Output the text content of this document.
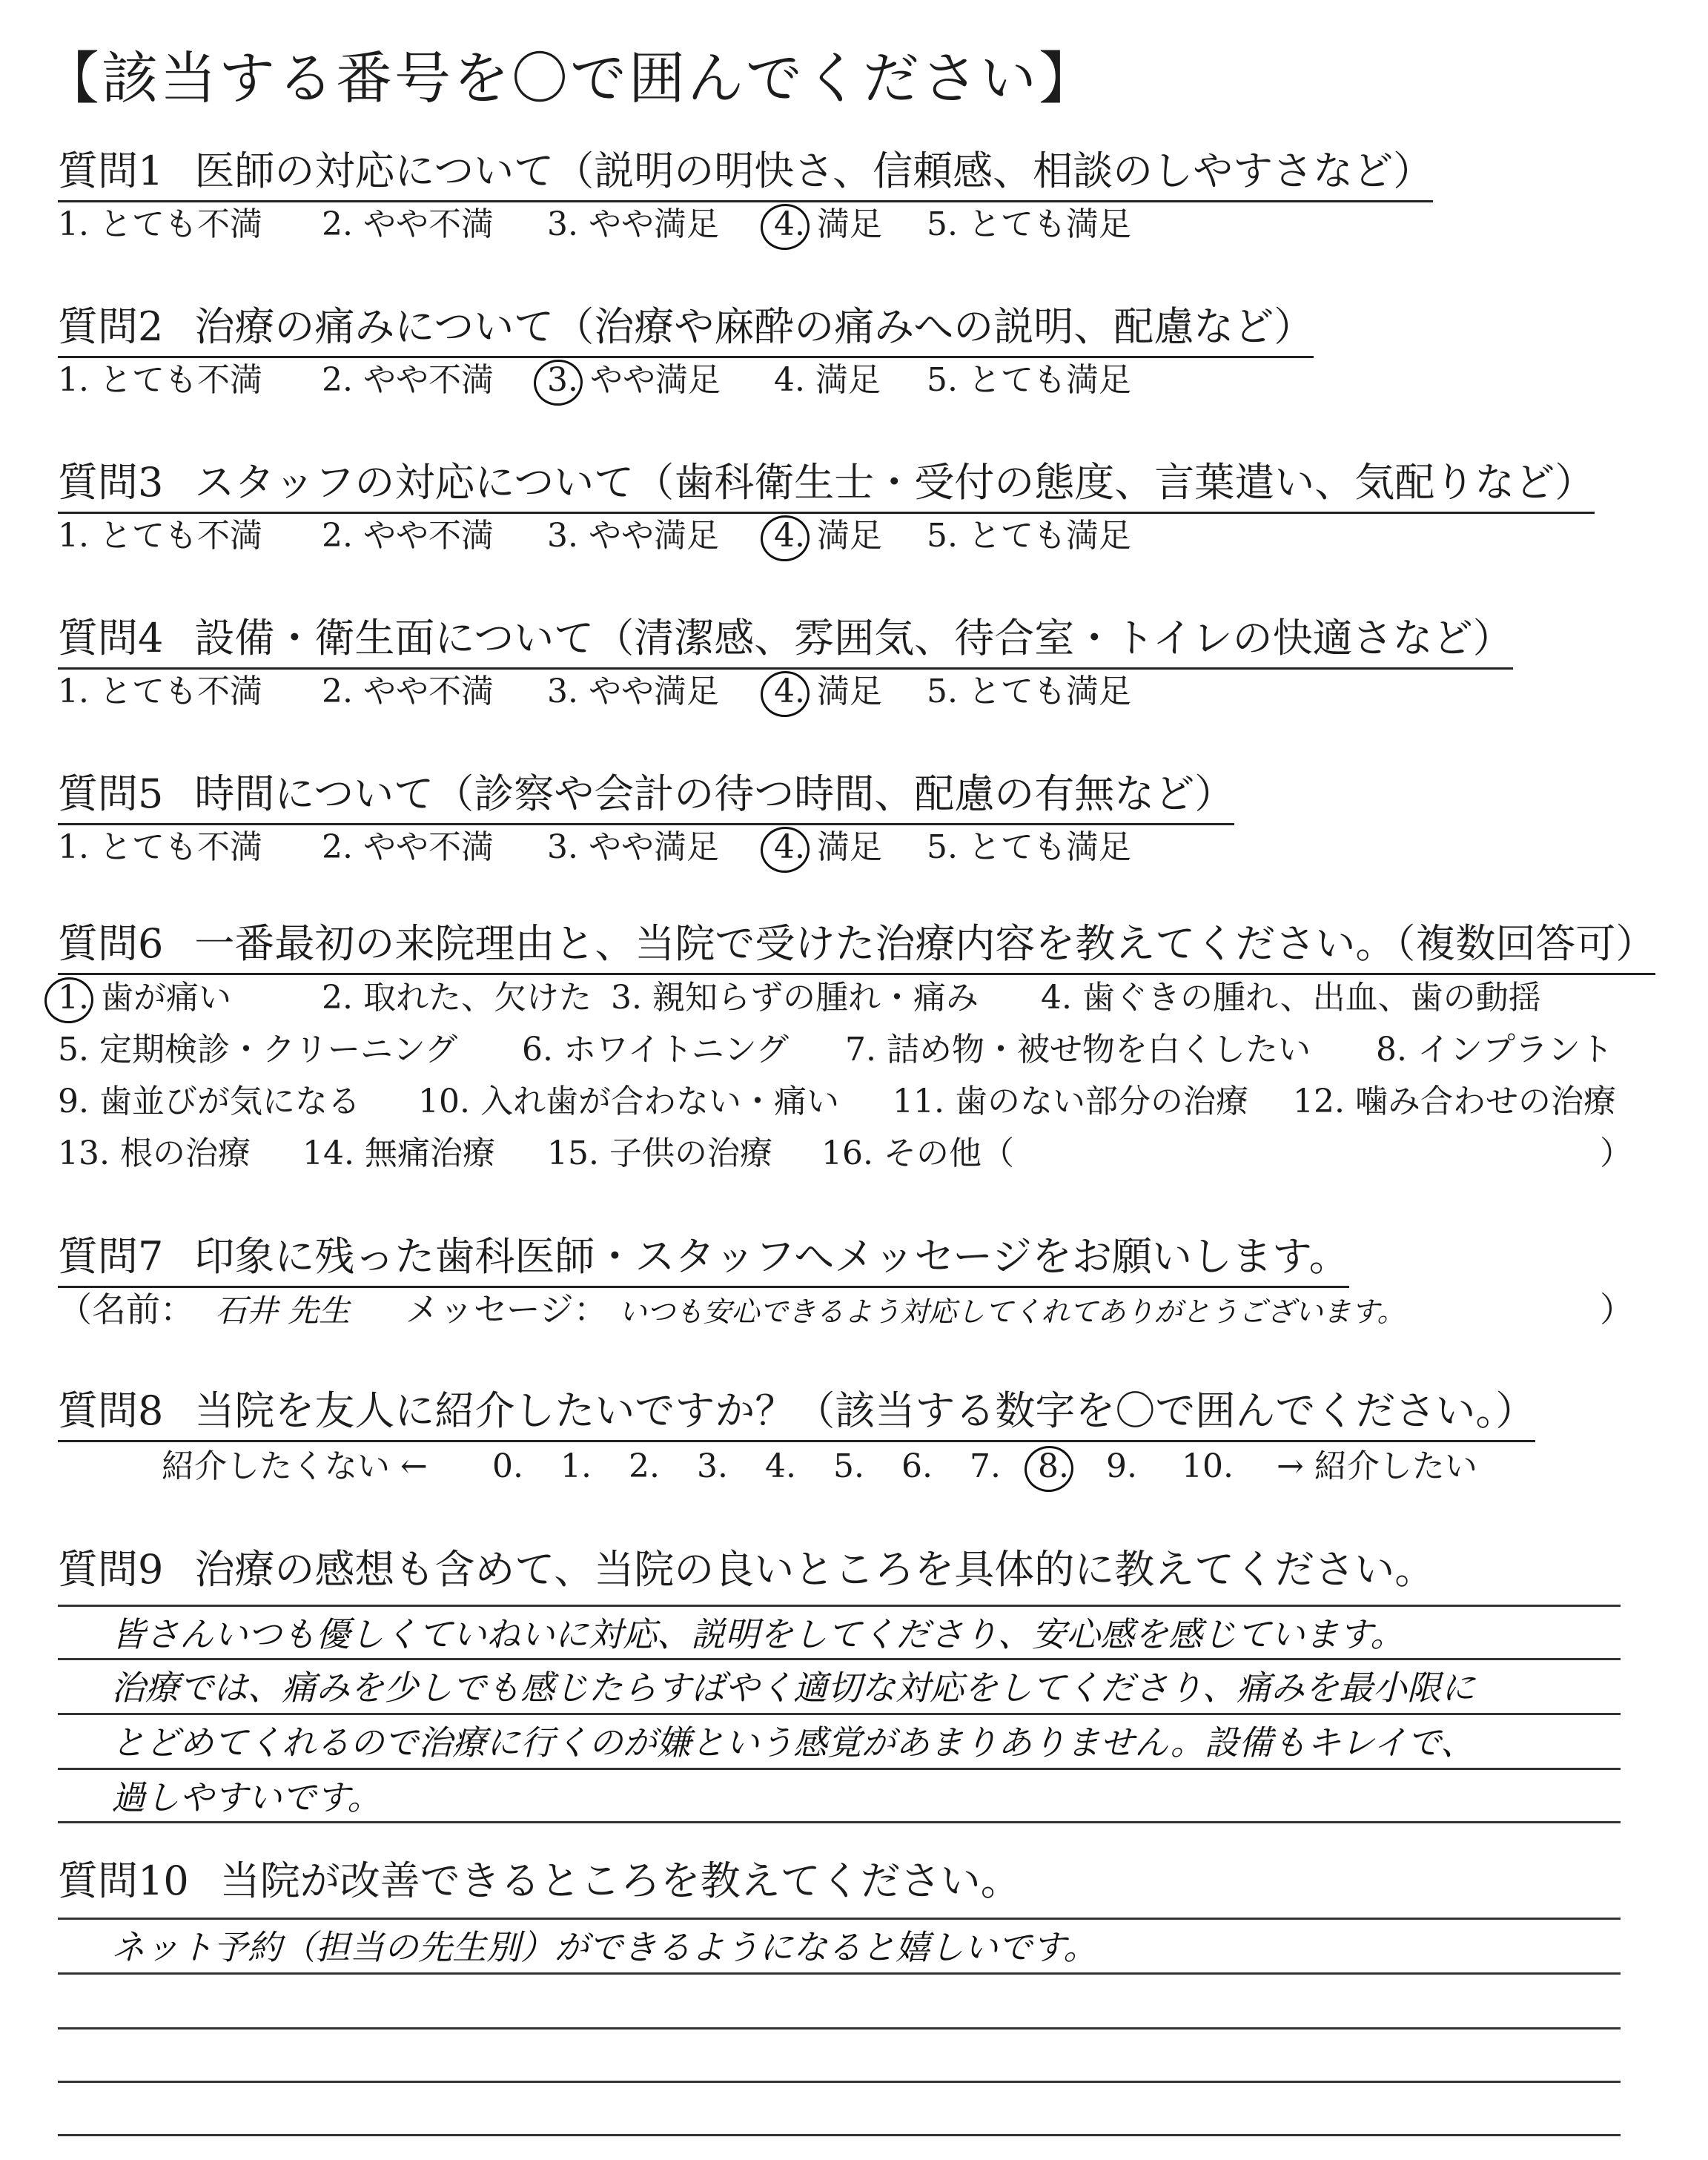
【該当する番号を〇で囲んでください】
質問1 医師の対応について（説明の明快さ、信頼感、相談のしやすさなど）
1. とても不満 2. やや不満 3. やや満足 4. 満足 5. とても満足
質問2 治療の痛みについて（治療や麻酔の痛みへの説明、配慮など）
1. とても不満 2. やや不満 3. やや満足 4. 満足 5. とても満足
質問3 スタッフの対応について（歯科衛生士・受付の態度、言葉遣い、気配りなど）
1. とても不満 2. やや不満 3. やや満足 4. 満足 5. とても満足
質問4 設備・衛生面について（清潔感、雰囲気、待合室・トイレの快適さなど）
1. とても不満 2. やや不満 3. やや満足 4. 満足 5. とても満足
質問5 時間について（診察や会計の待つ時間、配慮の有無など）
1. とても不満 2. やや不満 3. やや満足 4. 満足 5. とても満足
質問6 一番最初の来院理由と、当院で受けた治療内容を教えてください。（複数回答可）
1. 歯が痛い	2. 取れた、欠けた 3. 親知らずの腫れ・痛み 4. 歯ぐきの腫れ、出血、歯の動揺
5. 定期検診・クリーニング 6. ホワイトニング 7. 詰め物・被せ物を白くしたい 8. インプラント
9. 歯並びが気になる 10. 入れ歯が合わない・痛い 11. 歯のない部分の治療 12. 噛み合わせの治療
13. 根の治療 14. 無痛治療 15. 子供の治療 16. その他（	）
質問7 印象に残った歯科医師・スタッフへメッセージをお願いします。
（名前： 石井 先生 メッセージ： いつも安心できるよう対応してくれてありがとうございます。	）
質問8 当院を友人に紹介したいですか？（該当する数字を〇で囲んでください。）
紹介したくない ← 0. 1. 2. 3. 4. 5. 6. 7. 8.	9. 10. → 紹介したい
質問9 治療の感想も含めて、当院の良いところを具体的に教えてください。
皆さんいつも優しくていねいに対応、説明をしてくださり、安心感を感じています。
治療では、痛みを少しでも感じたらすばやく適切な対応をしてくださり、痛みを最小限に
とどめてくれるので治療に行くのが嫌という感覚があまりありません。設備もキレイで、
過しやすいです。
質問10 当院が改善できるところを教えてください。
ネット予約（担当の先生別）ができるようになると嬉しいです。
